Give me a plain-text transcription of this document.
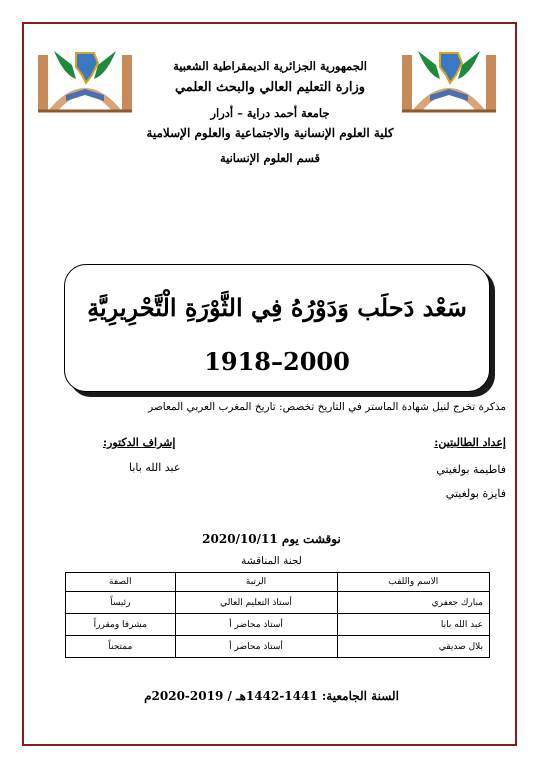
الجمهورية الجزائرية الديمقراطية الشعبية
وزارة التعليم العالي والبحث العلمي
جامعة أحمد دراية – أدرار
كلية العلوم الإنسانية والاجتماعية والعلوم الإسلامية
قسم العلوم الإنسانية
سَعْد دَحلَب وَدَوْرُهُ فِي الثَّوْرَةِ الْتَّحْرِيرِيَّةِ
1918–2000
مذكرة تخرج لنيل شهادة الماستر في التاريخ تخصص: تاريخ المغرب العربي المعاصر
إعداد الطالبتين:
إشراف الدكتور:
فاطيمة بولغيتي
فايزة بولغيتي
عبد الله بابا
نوقشت يوم 2020/10/11
لجنة المناقشة
الاسم واللقب	الرتبة	الصفة
مبارك جعفري	أستاذ التعليم العالي	رئيساً
عبد الله بابا	أستاذ محاضر أ	مشرفا ومقرراً
بلال صديقي	أستاذ محاضر أ	ممتحناً
السنة الجامعية: 1441-1442هـ / 2019-2020م
